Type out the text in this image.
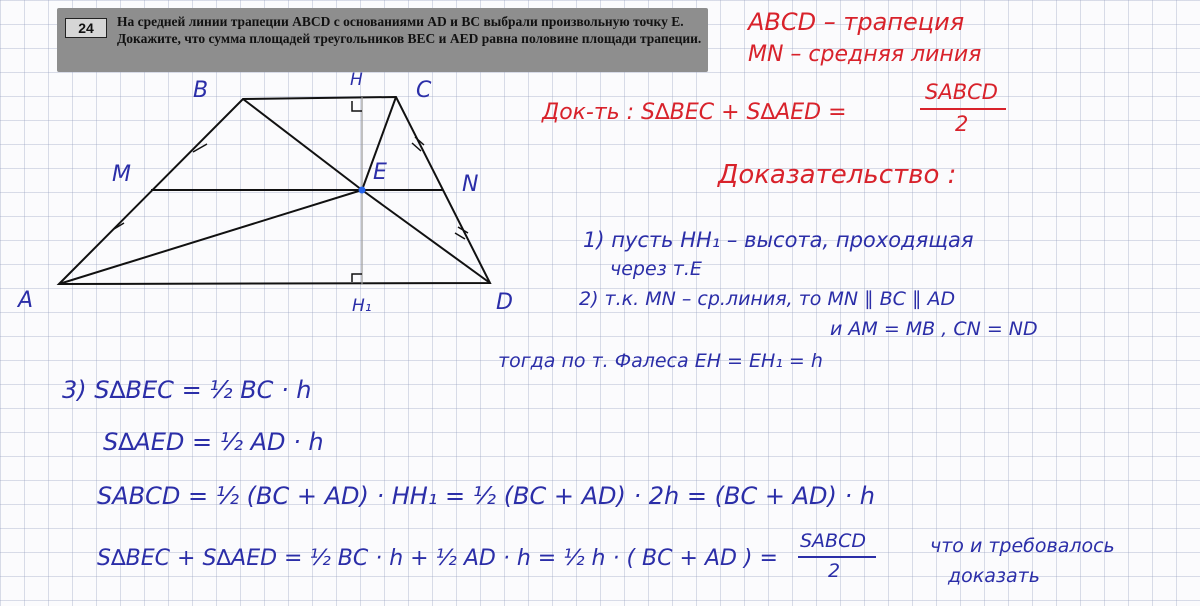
24	На средней линии трапеции ABCD с основаниями AD и BC выбрали произвольную точку E. Докажите, что сумма площадей треугольников BEC и AED равна половине площади трапеции.
A
B	C
D
M	N
E
H
H₁
ABCD – трапеция
MN – средняя линия
Док-ть : S∆BEC + S∆AED =
SABCD
2
Доказательство :
1) пусть HH₁ – высота, проходящая
через т.E
2) т.к. MN – ср.линия, то MN ∥ BC ∥ AD
и AM = MB , CN = ND
тогда по т. Фалеса EH = EH₁ = h
3) S∆BEC = ½ BC · h
S∆AED = ½ AD · h
SABCD = ½ (BC + AD) · HH₁ = ½ (BC + AD) · 2h = (BC + AD) · h
S∆BEC + S∆AED = ½ BC · h + ½ AD · h = ½ h · ( BC + AD ) =
SABCD
2
что и требовалось
доказать
